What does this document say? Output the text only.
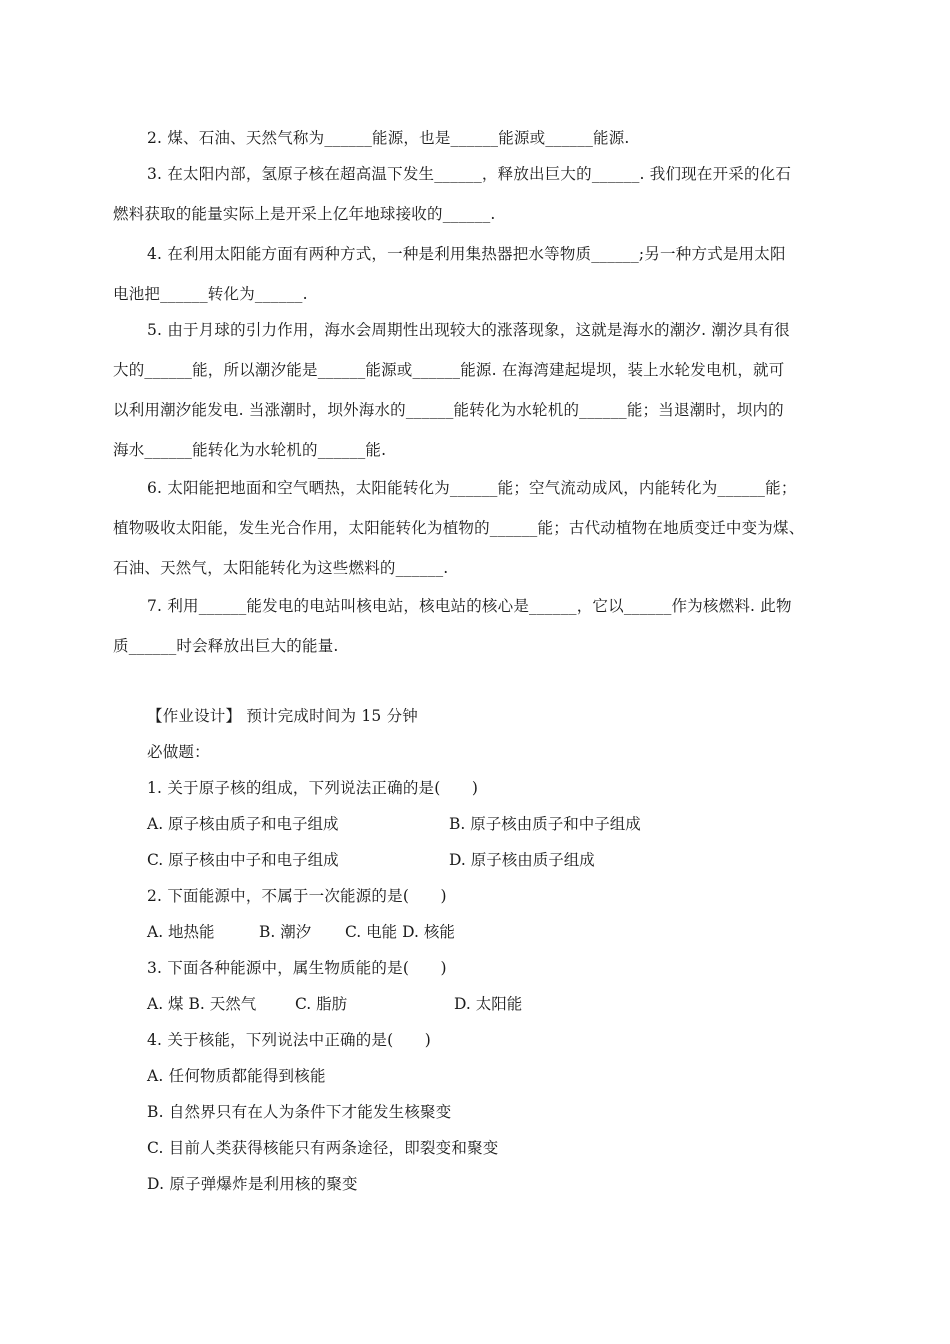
2. 煤、石油、天然气称为______能源，也是______能源或______能源.
3. 在太阳内部，氢原子核在超高温下发生______，释放出巨大的______. 我们现在开采的化石
燃料获取的能量实际上是开采上亿年地球接收的______.
4. 在利用太阳能方面有两种方式，一种是利用集热器把水等物质______;另一种方式是用太阳
电池把______转化为______.
5. 由于月球的引力作用，海水会周期性出现较大的涨落现象，这就是海水的潮汐. 潮汐具有很
大的______能，所以潮汐能是______能源或______能源. 在海湾建起堤坝，装上水轮发电机，就可
以利用潮汐能发电. 当涨潮时，坝外海水的______能转化为水轮机的______能；当退潮时，坝内的
海水______能转化为水轮机的______能.
6. 太阳能把地面和空气晒热，太阳能转化为______能；空气流动成风，内能转化为______能；
植物吸收太阳能，发生光合作用，太阳能转化为植物的______能；古代动植物在地质变迁中变为煤、
石油、天然气，太阳能转化为这些燃料的______.
7. 利用______能发电的电站叫核电站，核电站的核心是______，它以______作为核燃料. 此物
质______时会释放出巨大的能量.
【作业设计】 预计完成时间为 15 分钟
必做题：
1. 关于原子核的组成，下列说法正确的是(　　)
A. 原子核由质子和电子组成	B. 原子核由质子和中子组成
C. 原子核由中子和电子组成	D. 原子核由质子组成
2. 下面能源中，不属于一次能源的是(　　)
A. 地热能	B. 潮汐 C. 电能 D. 核能
3. 下面各种能源中，属生物质能的是(　　)
A. 煤 B. 天然气	C. 脂肪	D. 太阳能
4. 关于核能，下列说法中正确的是(　　)
A. 任何物质都能得到核能
B. 自然界只有在人为条件下才能发生核聚变
C. 目前人类获得核能只有两条途径，即裂变和聚变
D. 原子弹爆炸是利用核的聚变
